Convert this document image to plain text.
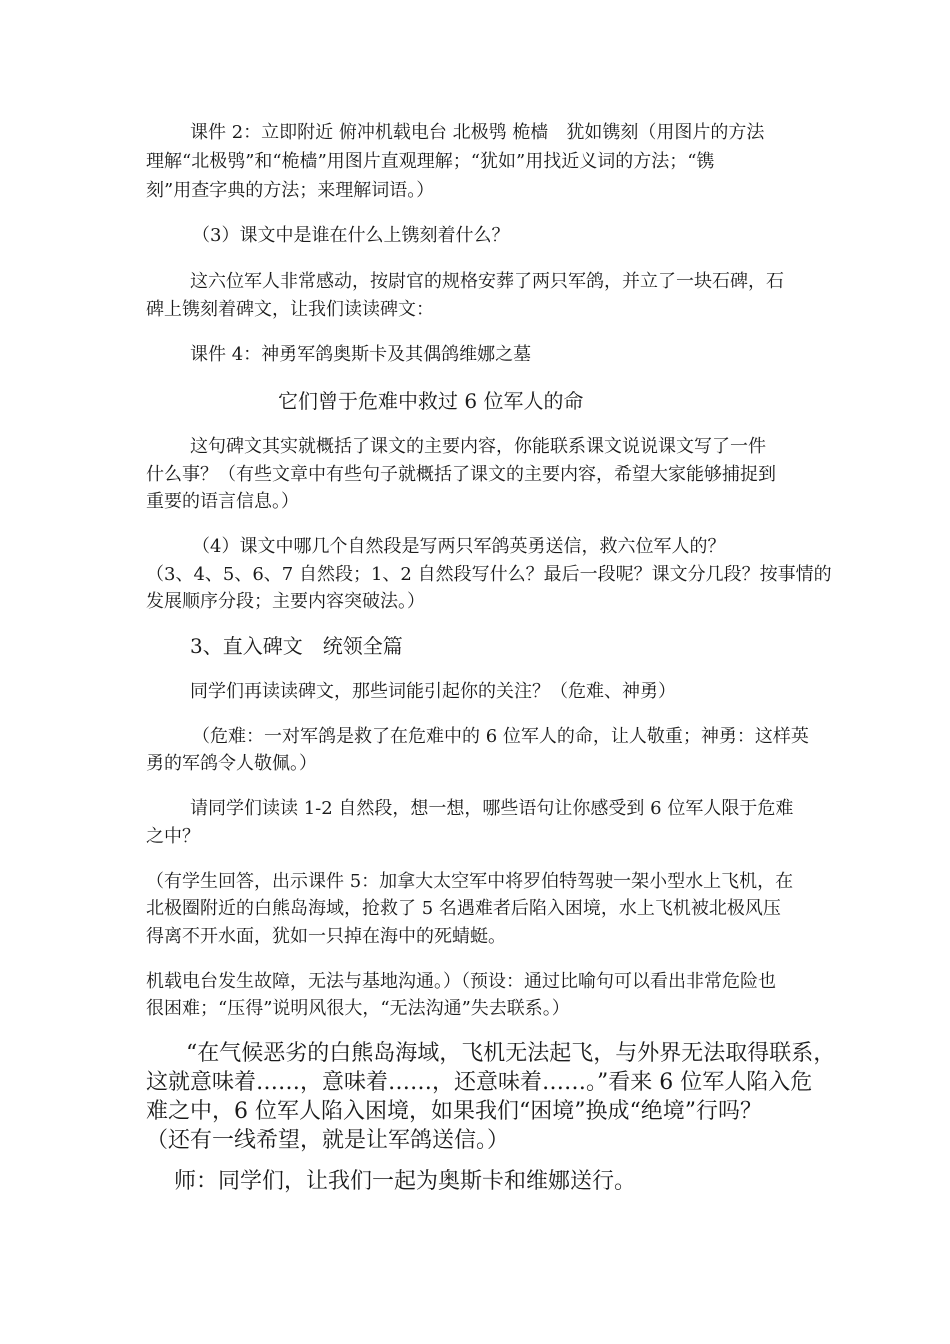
课件 2：立即附近 俯冲机载电台 北极鸮 桅樯　犹如镌刻（用图片的方法
理解“北极鸮”和“桅樯”用图片直观理解；“犹如”用找近义词的方法；“镌
刻”用查字典的方法；来理解词语。）
（3）课文中是谁在什么上镌刻着什么？
这六位军人非常感动，按尉官的规格安葬了两只军鸽，并立了一块石碑，石
碑上镌刻着碑文，让我们读读碑文：
课件 4：神勇军鸽奥斯卡及其偶鸽维娜之墓
它们曾于危难中救过 6 位军人的命
这句碑文其实就概括了课文的主要内容，你能联系课文说说课文写了一件
什么事？（有些文章中有些句子就概括了课文的主要内容，希望大家能够捕捉到
重要的语言信息。）
（4）课文中哪几个自然段是写两只军鸽英勇送信，救六位军人的？
（3、4、5、6、7 自然段；1、2 自然段写什么？最后一段呢？课文分几段？按事情的
发展顺序分段；主要内容突破法。）
3、直入碑文　统领全篇
同学们再读读碑文，那些词能引起你的关注？（危难、神勇）
（危难：一对军鸽是救了在危难中的 6 位军人的命，让人敬重；神勇：这样英
勇的军鸽令人敬佩。）
请同学们读读 1-2 自然段，想一想，哪些语句让你感受到 6 位军人限于危难
之中？
（有学生回答，出示课件 5：加拿大太空军中将罗伯特驾驶一架小型水上飞机，在
北极圈附近的白熊岛海域，抢救了 5 名遇难者后陷入困境，水上飞机被北极风压
得离不开水面，犹如一只掉在海中的死蜻蜓。
机载电台发生故障，无法与基地沟通。）（预设：通过比喻句可以看出非常危险也
很困难；“压得”说明风很大，“无法沟通”失去联系。）
“在气候恶劣的白熊岛海域，飞机无法起飞，与外界无法取得联系，
这就意味着……，意味着……，还意味着……。”看来 6 位军人陷入危
难之中，6 位军人陷入困境，如果我们“困境”换成“绝境”行吗？
（还有一线希望，就是让军鸽送信。）
师：同学们，让我们一起为奥斯卡和维娜送行。
